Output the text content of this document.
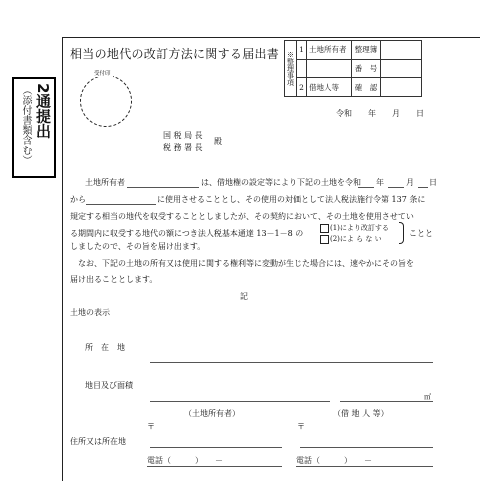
2通提出
（添付書類含む）
相当の地代の改訂方法に関する届出書
受付印	※整理事項	1	土地所有者	整理簿	
			番　号	
	2	借地人等	確　認	
令和　　年　　月　　日
国 税 局 長
税 務 署 長
殿
土地所有者	は、借地権の設定等により下記の土地を令和 年	月 日
から	に使用させることとし、その使用の対価として法人税法施行令第 137 条に
規定する相当の地代を収受することとしましたが、その契約において、その土地を使用させてい
る期間内に収受する地代の額につき法人税基本通達 13－1－8 の
(1)により改訂する
(2)によ ら な い
ことと
しましたので、その旨を届け出ます。
なお、下記の土地の所有又は使用に関する権利等に変動が生じた場合には、速やかにその旨を
届け出ることとします。
記
土地の表示
所　在　地
地目及び面積
㎡
（土地所有者）	（借 地 人 等）
〒	〒
住所又は所在地
電話（　　　）　　－	電話（　　　）　　－
